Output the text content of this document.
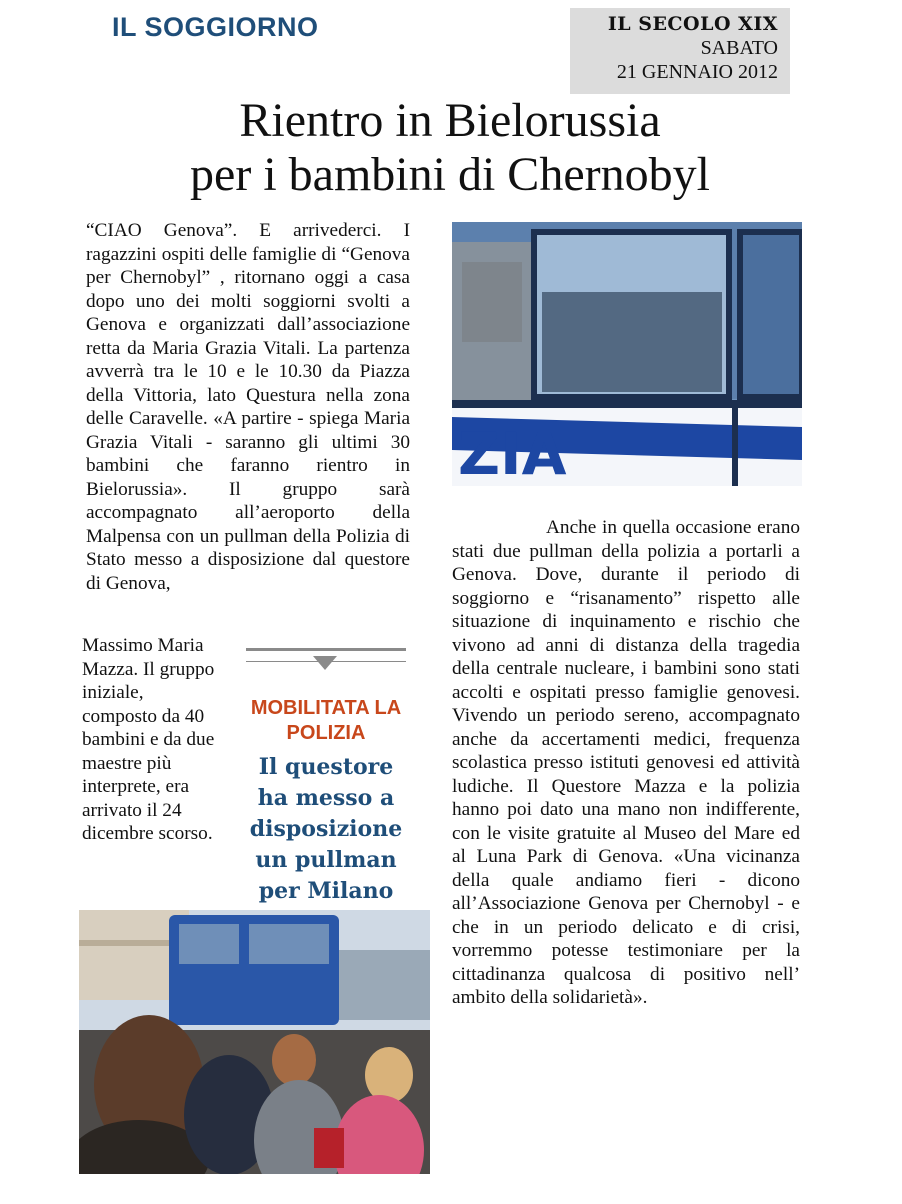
IL SOGGIORNO	IL SECOLO XIX
SABATO
21 GENNAIO 2012
Rientro in Bielorussia
per i bambini di Chernobyl

“CIAO Genova”. E arrivederci. I ragazzini ospiti delle famiglie di “Genova per Chernobyl” , ritornano oggi a casa dopo uno dei molti soggiorni svolti a Genova e organizzati dall’associazione retta da Maria Grazia Vitali. La partenza avverrà tra le 10 e le 10.30 da Piazza della Vittoria, lato Questura nella zona delle Caravelle. «A partire - spiega Maria Grazia Vitali - saranno gli ultimi 30 bambini che faranno rientro in Bielorussia». Il gruppo sarà accompagnato all’aeroporto della Malpensa con un pullman della Polizia di Stato messo a disposizione dal questore di Genova,

Massimo Maria Mazza. Il gruppo iniziale, composto da 40 bambini e da due maestre più interprete, era arrivato il 24 dicembre scorso.

ZIA

Anche in quella occasione erano stati due pullman della polizia a portarli a Genova. Dove, durante il periodo di soggiorno e “risanamento” rispetto alle situazione di inquinamento e rischio che vivono ad anni di distanza della tragedia della centrale nucleare, i bambini sono stati accolti e ospitati presso famiglie genovesi. Vivendo un periodo sereno, accompagnato anche da accertamenti medici, frequenza scolastica presso istituti genovesi ed attività ludiche. Il Questore Mazza e la polizia hanno poi dato una mano non indifferente, con le visite gratuite al Museo del Mare ed al Luna Park di Genova. «Una vicinanza della quale andiamo fieri - dicono all’Associazione Genova per Chernobyl - e che in un periodo delicato e di crisi, vorremmo potesse testimoniare per la cittadinanza qualcosa di positivo nell’ ambito della solidarietà».

MOBILITATA LA POLIZIA

Il questore ha messo a disposizione un pullman per Milano
